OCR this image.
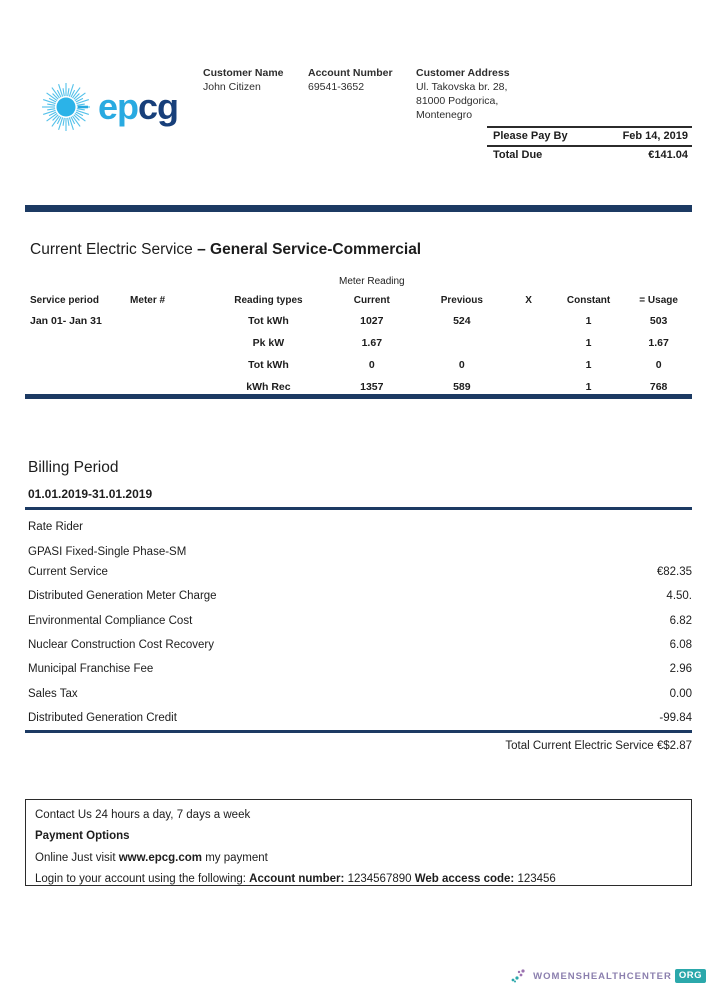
epcg
Customer Name
John Citizen
Account Number
69541-3652
Customer Address
Ul. Takovska br. 28,
81000 Podgorica,
Montenegro
Please Pay By	Feb 14, 2019
Total Due	€141.04
Current Electric Service – General Service-Commercial
			Meter Reading				
Service period	Meter #	Reading types	Current	Previous	X	Constant	= Usage
Jan 01- Jan 31		Tot kWh	1027	524		1	503
		Pk kW	1.67			1	1.67
		Tot kWh	0	0		1	0
		kWh Rec	1357	589		1	768
Billing Period
01.01.2019-31.01.2019
Rate Rider
GPASI Fixed-Single Phase-SM
Current Service	€82.35
Distributed Generation Meter Charge	4.50.
Environmental Compliance Cost	6.82
Nuclear Construction Cost Recovery	6.08
Municipal Franchise Fee	2.96
Sales Tax	0.00
Distributed Generation Credit	-99.84
Total Current Electric Service €$2.87
Contact Us 24 hours a day, 7 days a week
Payment Options
Online Just visit www.epcg.com my payment
Login to your account using the following: Account number: 1234567890 Web access code: 123456
WOMENSHEALTHCENTER ORG
